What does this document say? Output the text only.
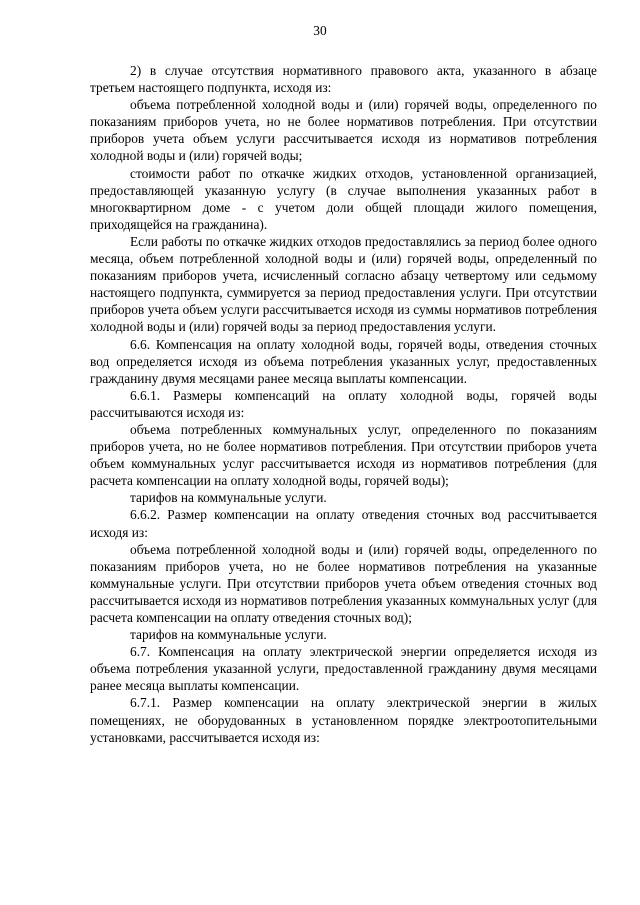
30

2) в случае отсутствия нормативного правового акта, указанного в абзаце третьем настоящего подпункта, исходя из:

объема потребленной холодной воды и (или) горячей воды, определенного по показаниям приборов учета, но не более нормативов потребления. При отсутствии приборов учета объем услуги рассчитывается исходя из нормативов потребления холодной воды и (или) горячей воды;

стоимости работ по откачке жидких отходов, установленной организацией, предоставляющей указанную услугу (в случае выполнения указанных работ в многоквартирном доме - с учетом доли общей площади жилого помещения, приходящейся на гражданина).

Если работы по откачке жидких отходов предоставлялись за период более одного месяца, объем потребленной холодной воды и (или) горячей воды, определенный по показаниям приборов учета, исчисленный согласно абзацу четвертому или седьмому настоящего подпункта, суммируется за период предоставления услуги. При отсутствии приборов учета объем услуги рассчитывается исходя из суммы нормативов потребления холодной воды и (или) горячей воды за период предоставления услуги.

6.6. Компенсация на оплату холодной воды, горячей воды, отведения сточных вод определяется исходя из объема потребления указанных услуг, предоставленных гражданину двумя месяцами ранее месяца выплаты компенсации.

6.6.1. Размеры компенсаций на оплату холодной воды, горячей воды рассчитываются исходя из:

объема потребленных коммунальных услуг, определенного по показаниям приборов учета, но не более нормативов потребления. При отсутствии приборов учета объем коммунальных услуг рассчитывается исходя из нормативов потребления (для расчета компенсации на оплату холодной воды, горячей воды);

тарифов на коммунальные услуги.

6.6.2. Размер компенсации на оплату отведения сточных вод рассчитывается исходя из:

объема потребленной холодной воды и (или) горячей воды, определенного по показаниям приборов учета, но не более нормативов потребления на указанные коммунальные услуги. При отсутствии приборов учета объем отведения сточных вод рассчитывается исходя из нормативов потребления указанных коммунальных услуг (для расчета компенсации на оплату отведения сточных вод);

тарифов на коммунальные услуги.

6.7. Компенсация на оплату электрической энергии определяется исходя из объема потребления указанной услуги, предоставленной гражданину двумя месяцами ранее месяца выплаты компенсации.

6.7.1. Размер компенсации на оплату электрической энергии в жилых помещениях, не оборудованных в установленном порядке электроотопительными установками, рассчитывается исходя из:
